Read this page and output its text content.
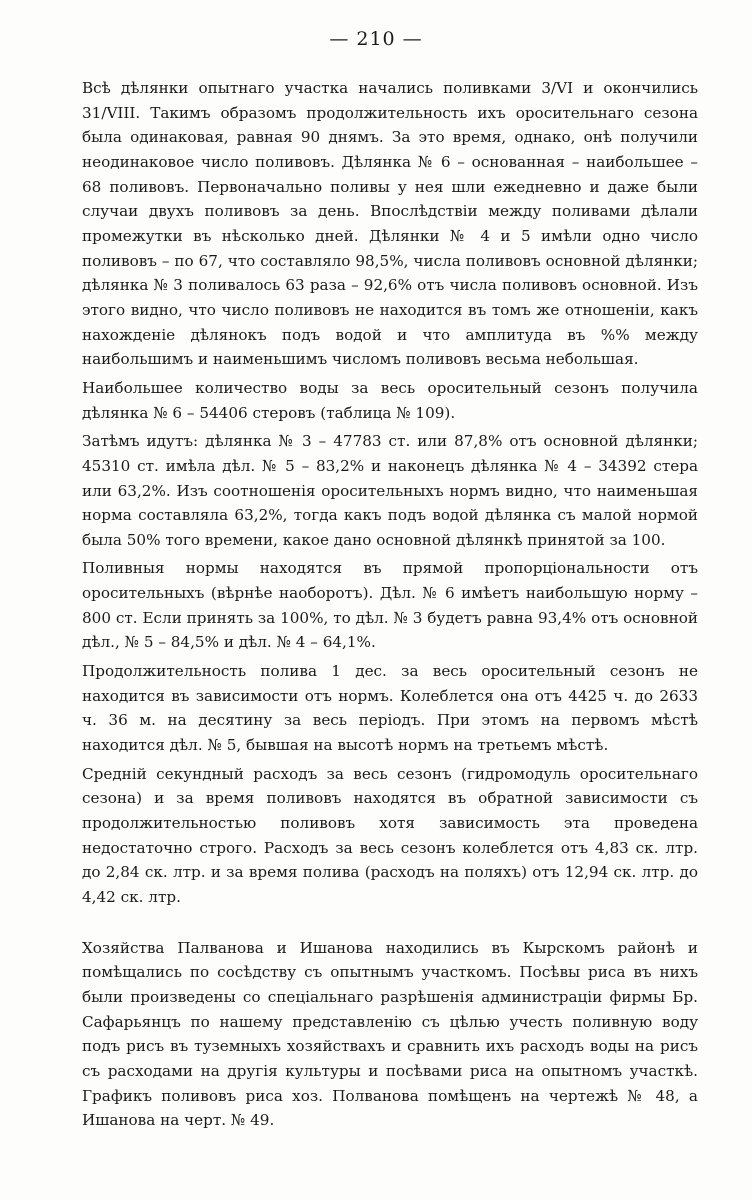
— 210 —

Всѣ дѣлянки опытнаго участка начались поливками 3/VI и окончились 31/VIII. Такимъ образомъ продолжительность ихъ оросительнаго сезона была одинаковая, равная 90 днямъ. За это время, однако, онѣ получили неодинаковое число поливовъ. Дѣлянка № 6 – основанная – наибольшее – 68 поливовъ. Первоначально поливы у нея шли ежедневно и даже были случаи двухъ поливовъ за день. Впослѣдствіи между поливами дѣлали промежутки въ нѣсколько дней. Дѣлянки № 4 и 5 имѣли одно число поливовъ – по 67, что составляло 98,5%, числа поливовъ основной дѣлянки; дѣлянка № 3 поливалось 63 раза – 92,6% отъ числа поливовъ основной. Изъ этого видно, что число поливовъ не находится въ томъ же отношеніи, какъ нахожденіе дѣлянокъ подъ водой и что амплитуда въ %% между наибольшимъ и наименьшимъ числомъ поливовъ весьма небольшая.

Наибольшее количество воды за весь оросительный сезонъ получила дѣлянка № 6 – 54406 стеровъ (таблица № 109).

Затѣмъ идутъ: дѣлянка № 3 – 47783 ст. или 87,8% отъ основной дѣлянки; 45310 ст. имѣла дѣл. № 5 – 83,2% и наконецъ дѣлянка № 4 – 34392 стера или 63,2%. Изъ соотношенія оросительныхъ нормъ видно, что наименьшая норма составляла 63,2%, тогда какъ подъ водой дѣлянка съ малой нормой была 50% того времени, какое дано основной дѣлянкѣ принятой за 100.

Поливныя нормы находятся въ прямой пропорціональности отъ оросительныхъ (вѣрнѣе наоборотъ). Дѣл. № 6 имѣетъ наибольшую норму – 800 ст. Если принять за 100%, то дѣл. № 3 будетъ равна 93,4% отъ основной дѣл., № 5 – 84,5% и дѣл. № 4 – 64,1%.

Продолжительность полива 1 дес. за весь оросительный сезонъ не находится въ зависимости отъ нормъ. Колеблется она отъ 4425 ч. до 2633 ч. 36 м. на десятину за весь періодъ. При этомъ на первомъ мѣстѣ находится дѣл. № 5, бывшая на высотѣ нормъ на третьемъ мѣстѣ.

Средній секундный расходъ за весь сезонъ (гидромодуль оросительнаго сезона) и за время поливовъ находятся въ обратной зависимости съ продолжительностью поливовъ хотя зависимость эта проведена недостаточно строго. Расходъ за весь сезонъ колеблется отъ 4,83 ск. лтр. до 2,84 ск. лтр. и за время полива (расходъ на поляхъ) отъ 12,94 ск. лтр. до 4,42 ск. лтр.

Хозяйства Палванова и Ишанова находились въ Кырскомъ районѣ и помѣщались по сосѣдству съ опытнымъ участкомъ. Посѣвы риса въ нихъ были произведены со спеціальнаго разрѣшенія администраціи фирмы Бр. Сафарьянцъ по нашему представленію съ цѣлью учесть поливную воду подъ рисъ въ туземныхъ хозяйствахъ и сравнить ихъ расходъ воды на рисъ съ расходами на другія культуры и посѣвами риса на опытномъ участкѣ. Графикъ поливовъ риса хоз. Полванова помѣщенъ на чертежѣ № 48, а Ишанова на черт. № 49.
